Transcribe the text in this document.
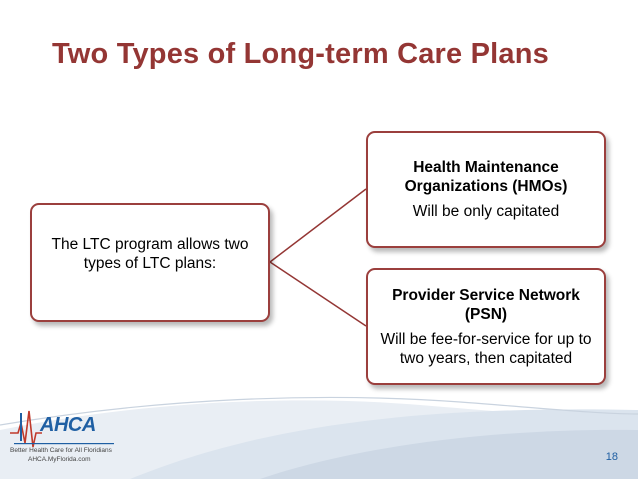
Two Types of Long-term Care Plans
The LTC program allows two types of LTC plans:
Health Maintenance Organizations (HMOs)
Will be only capitated
Provider Service Network (PSN)
Will be fee-for-service for up to two years, then capitated
AHCA
Better Health Care for All Floridians
AHCA.MyFlorida.com	18
